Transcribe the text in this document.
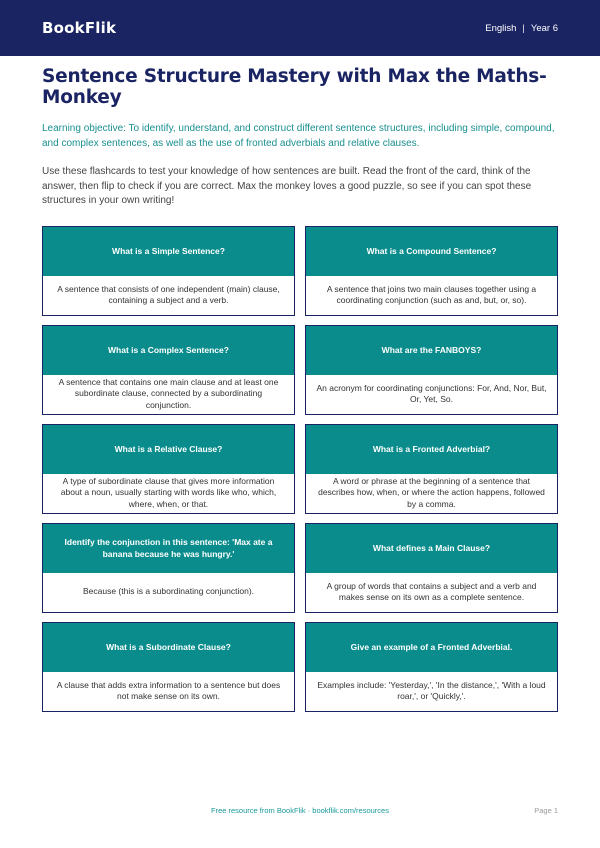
BookFlik	English | Year 6
Sentence Structure Mastery with Max the Maths-Monkey

Learning objective: To identify, understand, and construct different sentence structures, including simple, compound, and complex sentences, as well as the use of fronted adverbials and relative clauses.

Use these flashcards to test your knowledge of how sentences are built. Read the front of the card, think of the answer, then flip to check if you are correct. Max the monkey loves a good puzzle, so see if you can spot these structures in your own writing!

What is a Simple Sentence?
A sentence that consists of one independent (main) clause, containing a subject and a verb.
What is a Compound Sentence?
A sentence that joins two main clauses together using a coordinating conjunction (such as and, but, or, so).
What is a Complex Sentence?
A sentence that contains one main clause and at least one subordinate clause, connected by a subordinating conjunction.
What are the FANBOYS?
An acronym for coordinating conjunctions: For, And, Nor, But, Or, Yet, So.
What is a Relative Clause?
A type of subordinate clause that gives more information about a noun, usually starting with words like who, which, where, when, or that.
What is a Fronted Adverbial?
A word or phrase at the beginning of a sentence that describes how, when, or where the action happens, followed by a comma.
Identify the conjunction in this sentence: 'Max ate a banana because he was hungry.'
Because (this is a subordinating conjunction).
What defines a Main Clause?
A group of words that contains a subject and a verb and makes sense on its own as a complete sentence.
What is a Subordinate Clause?
A clause that adds extra information to a sentence but does not make sense on its own.
Give an example of a Fronted Adverbial.
Examples include: 'Yesterday,', 'In the distance,', 'With a loud roar,', or 'Quickly,'.
Free resource from BookFlik · bookflik.com/resources	Page 1
